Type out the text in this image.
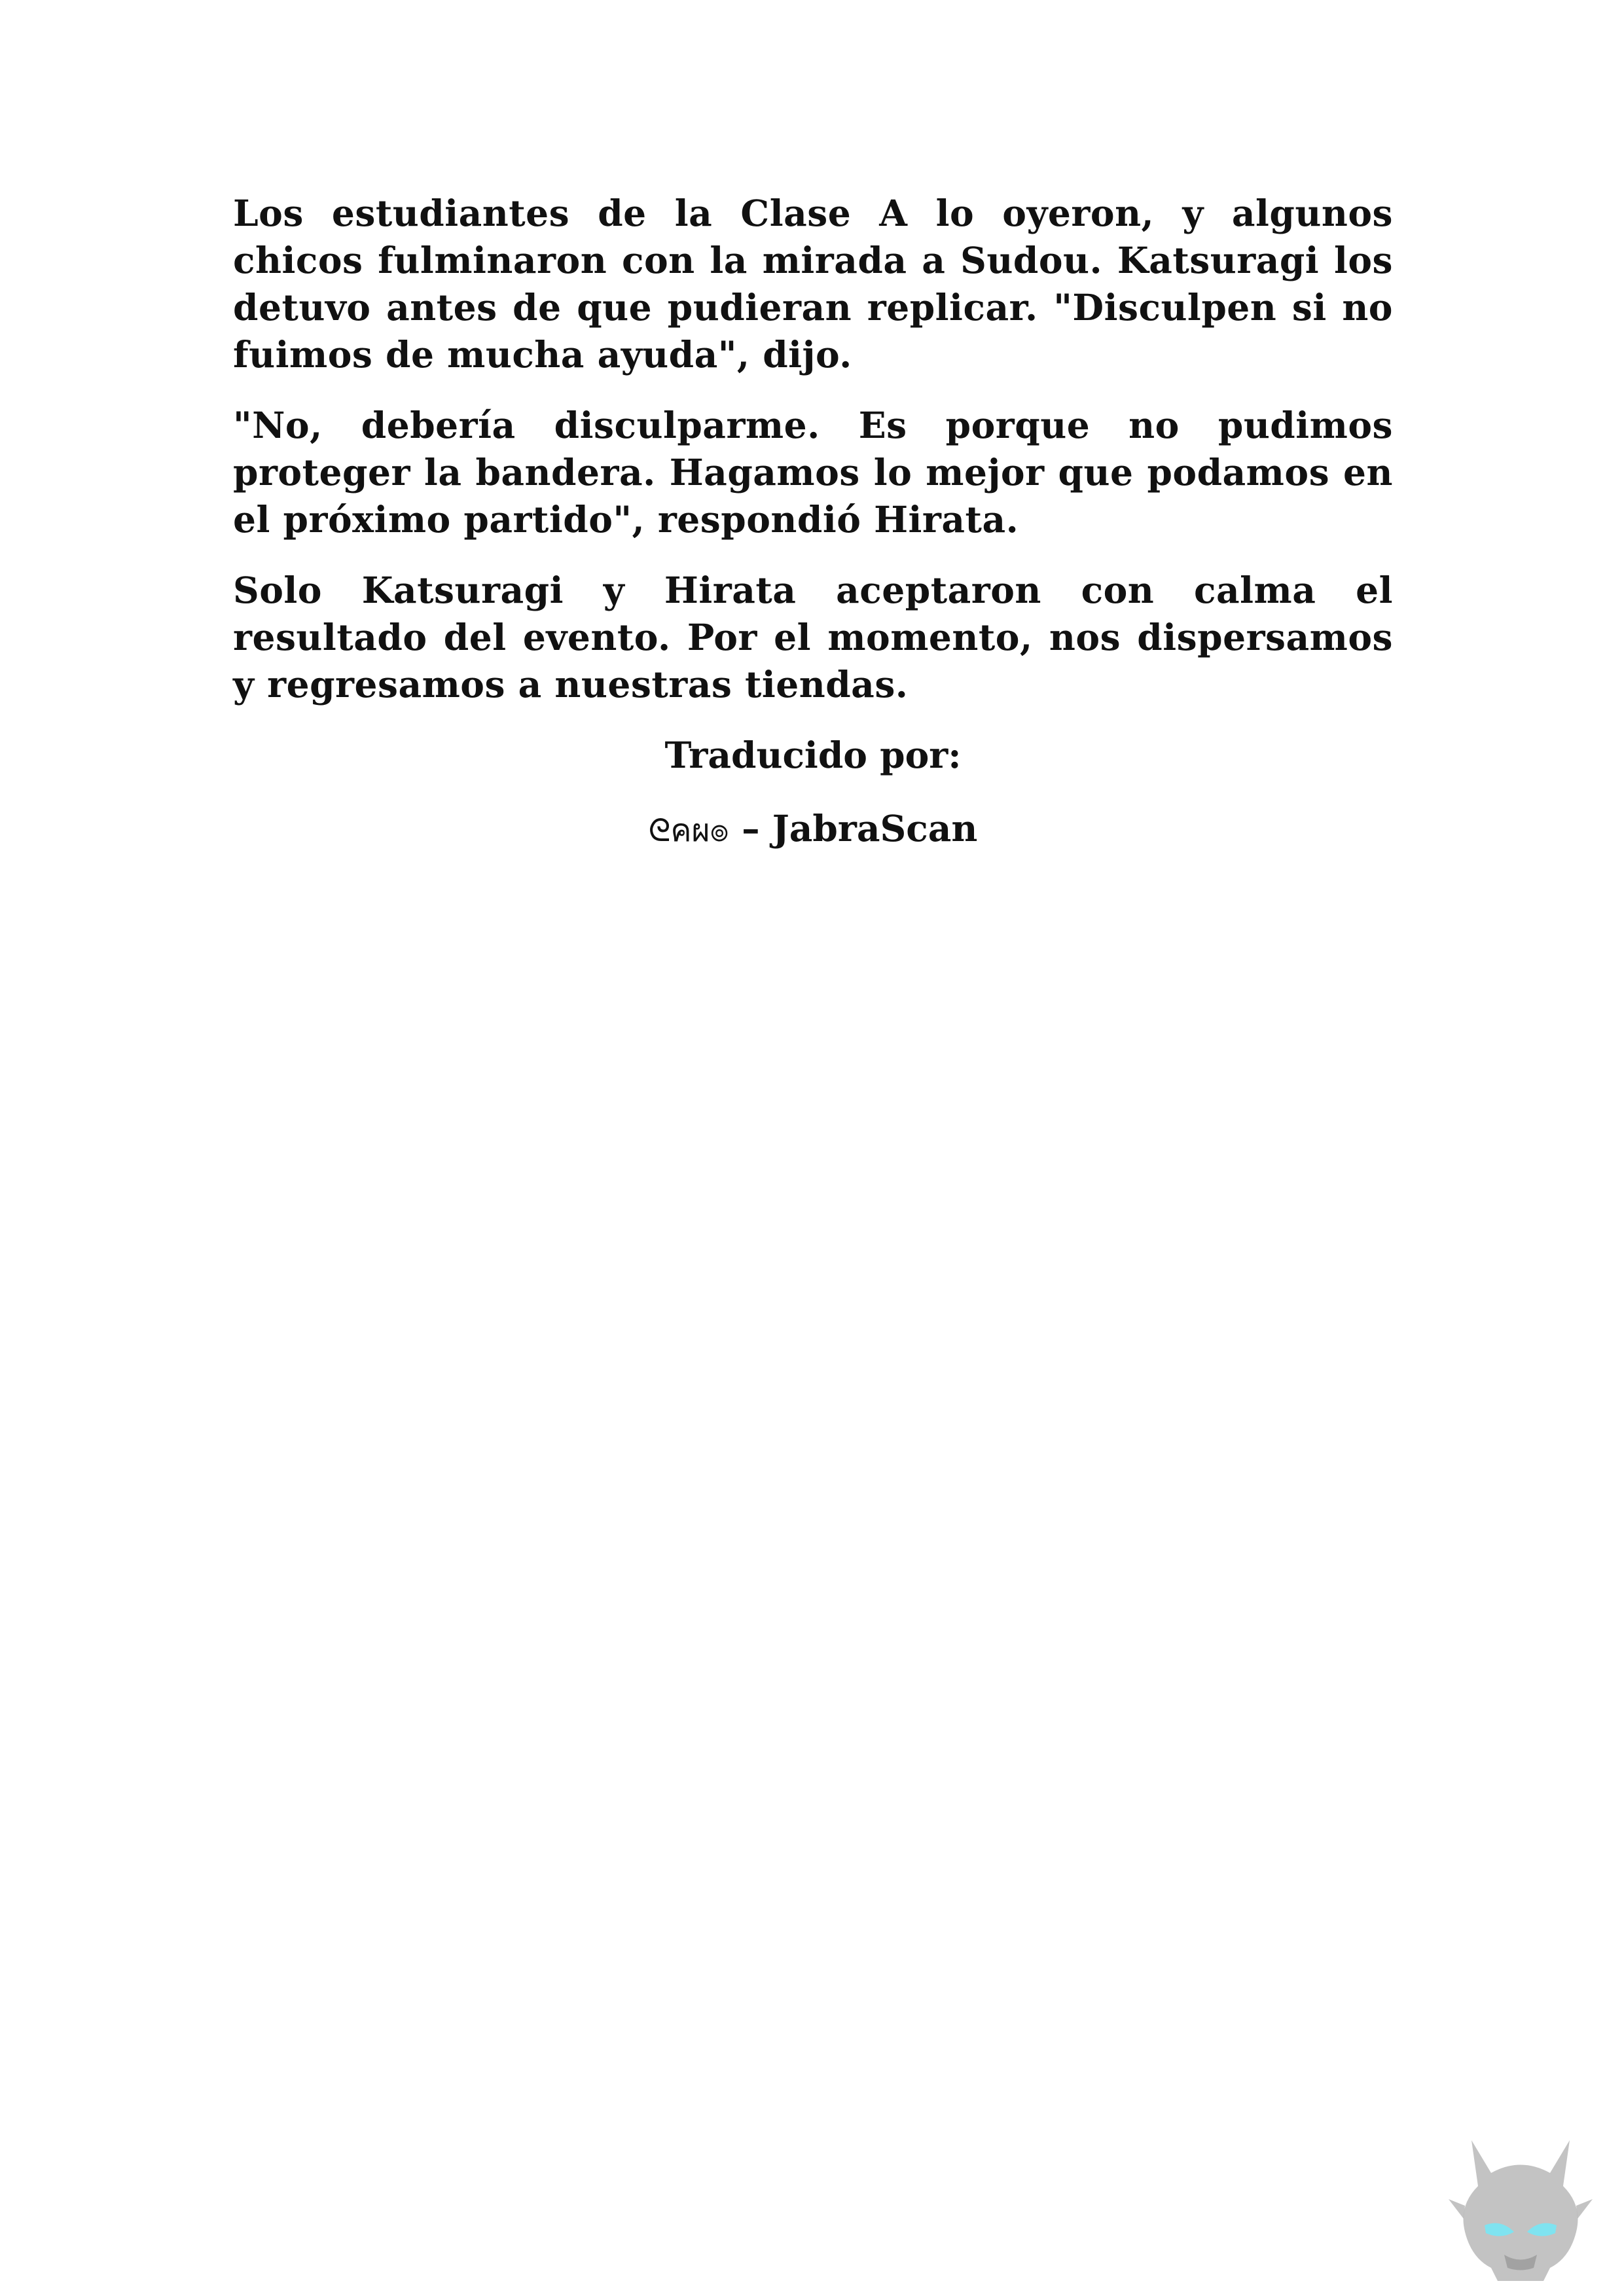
Los estudiantes de la Clase A lo oyeron, y algunos chicos fulminaron con la mirada a Sudou. Katsuragi los detuvo antes de que pudieran replicar. "Disculpen si no fuimos de mucha ayuda", dijo.

"No, debería disculparme. Es porque no pudimos proteger la bandera. Hagamos lo mejor que podamos en el próximo partido", respondió Hirata.

Solo Katsuragi y Hirata aceptaron con calma el resultado del evento. Por el momento, nos dispersamos y regresamos a nuestras tiendas.

Traducido por:

ᘓคผ๏ – JabraScan
